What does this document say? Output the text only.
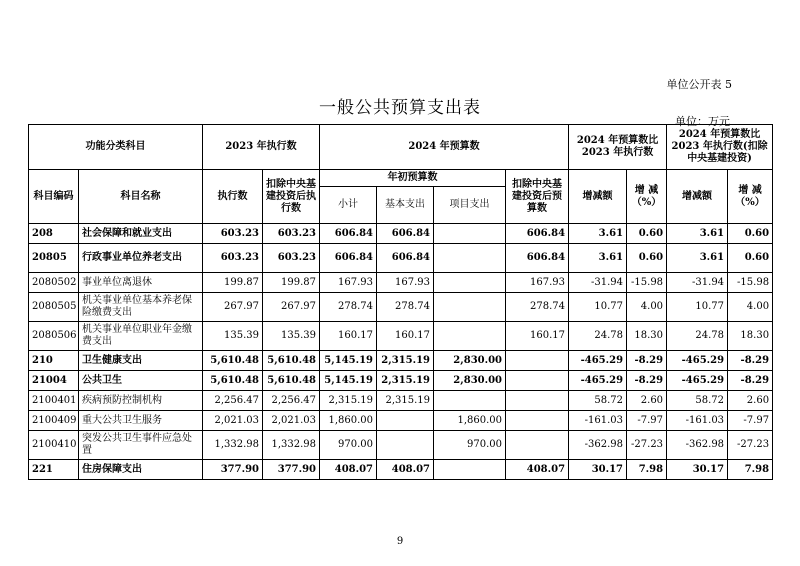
单位公开表 5
一般公共预算支出表
单位：万元
功能分类科目		2023 年执行数		2024 年预算数				2024 年预算数比 2023 年执行数		2024 年预算数比 2023 年执行数(扣除中央基建投资)	
科目编码	科目名称	执行数	扣除中央基建投资后执行数	年初预算数			扣除中央基建投资后预算数	增减额	增 减（%）	增减额	增 减（%）
				小计	基本支出	项目支出					
208	社会保障和就业支出	603.23	603.23	606.84	606.84		606.84	3.61	0.60	3.61	0.60
20805	行政事业单位养老支出	603.23	603.23	606.84	606.84		606.84	3.61	0.60	3.61	0.60
2080502	事业单位离退休	199.87	199.87	167.93	167.93		167.93	-31.94	-15.98	-31.94	-15.98
2080505	机关事业单位基本养老保险缴费支出	267.97	267.97	278.74	278.74		278.74	10.77	4.00	10.77	4.00
2080506	机关事业单位职业年金缴费支出	135.39	135.39	160.17	160.17		160.17	24.78	18.30	24.78	18.30
210	卫生健康支出	5,610.48	5,610.48	5,145.19	2,315.19	2,830.00		-465.29	-8.29	-465.29	-8.29
21004	公共卫生	5,610.48	5,610.48	5,145.19	2,315.19	2,830.00		-465.29	-8.29	-465.29	-8.29
2100401	疾病预防控制机构	2,256.47	2,256.47	2,315.19	2,315.19			58.72	2.60	58.72	2.60
2100409	重大公共卫生服务	2,021.03	2,021.03	1,860.00		1,860.00		-161.03	-7.97	-161.03	-7.97
2100410	突发公共卫生事件应急处置	1,332.98	1,332.98	970.00		970.00		-362.98	-27.23	-362.98	-27.23
221	住房保障支出	377.90	377.90	408.07	408.07		408.07	30.17	7.98	30.17	7.98
9
